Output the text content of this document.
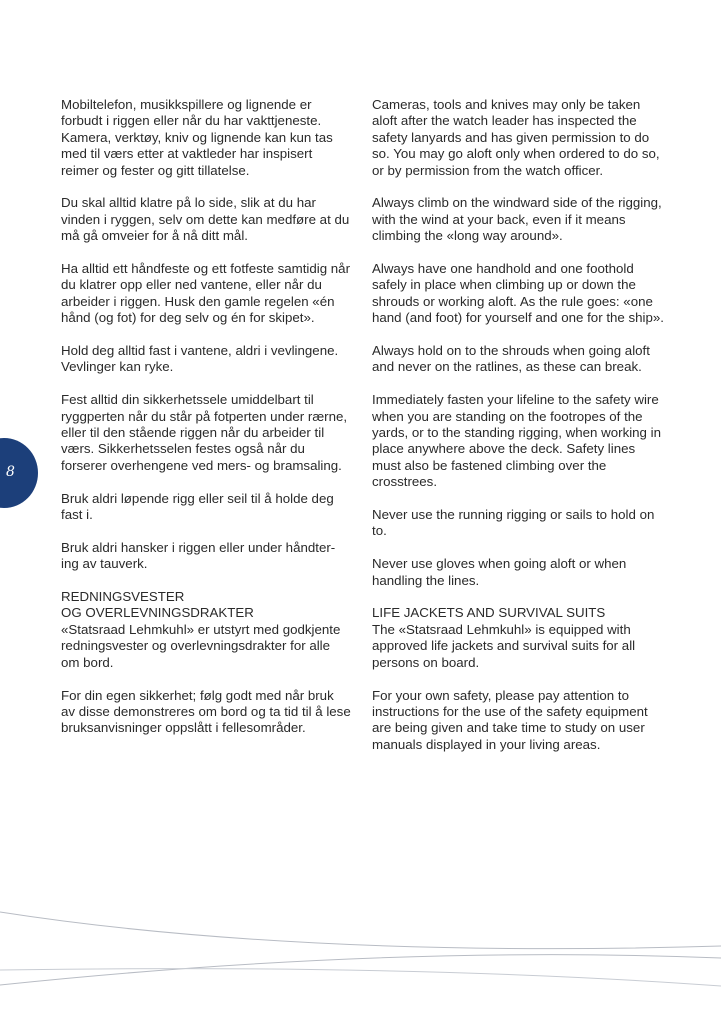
Mobiltelefon, musikkspillere og lignende er forbudt i riggen eller når du har vakttjeneste. Kamera, verktøy, kniv og lignende kan kun tas med til værs etter at vaktleder har inspisert reimer og fester og gitt tillatelse.

Du skal alltid klatre på lo side, slik at du har vinden i ryggen, selv om dette kan medføre at du må gå omveier for å nå ditt mål.

Ha alltid ett håndfeste og ett fotfeste samtidig når du klatrer opp eller ned vantene, eller når du arbeider i riggen. Husk den gamle regelen «én hånd (og fot) for deg selv og én for skipet».

Hold deg alltid fast i vantene, aldri i vevlingene. Vevlinger kan ryke.

Fest alltid din sikkerhetssele umiddelbart til ryggperten når du står på fotperten under rærne, eller til den stående riggen når du arbeider til værs. Sikkerhetsselen festes også når du forserer overhengene ved mers- og bramsaling.

Bruk aldri løpende rigg eller seil til å holde deg fast i.

Bruk aldri hansker i riggen eller under håndter-ing av tauverk.

REDNINGSVESTER
OG OVERLEVNINGSDRAKTER
«Statsraad Lehmkuhl» er utstyrt med godkjente redningsvester og overlevningsdrakter for alle om bord.

For din egen sikkerhet; følg godt med når bruk av disse demonstreres om bord og ta tid til å lese bruksanvisninger oppslått i fellesområder.

Cameras, tools and knives may only be taken aloft after the watch leader has inspected the safety lanyards and has given permission to do so. You may go aloft only when ordered to do so, or by permission from the watch officer.

Always climb on the windward side of the rigging, with the wind at your back, even if it means climbing the «long way around».

Always have one handhold and one foothold safely in place when climbing up or down the shrouds or working aloft. As the rule goes: «one hand (and foot) for yourself and one for the ship».

Always hold on to the shrouds when going aloft and never on the ratlines, as these can break.

Immediately fasten your lifeline to the safety wire when you are standing on the footropes of the yards, or to the standing rigging, when working in place anywhere above the deck. Safety lines must also be fastened climbing over the crosstrees.

Never use the running rigging or sails to hold on to.

Never use gloves when going aloft or when handling the lines.

LIFE JACKETS AND SURVIVAL SUITS
The «Statsraad Lehmkuhl» is equipped with approved life jackets and survival suits for all persons on board.

For your own safety, please pay attention to instructions for the use of the safety equipment are being given and take time to study on user manuals displayed in your living areas.

8
